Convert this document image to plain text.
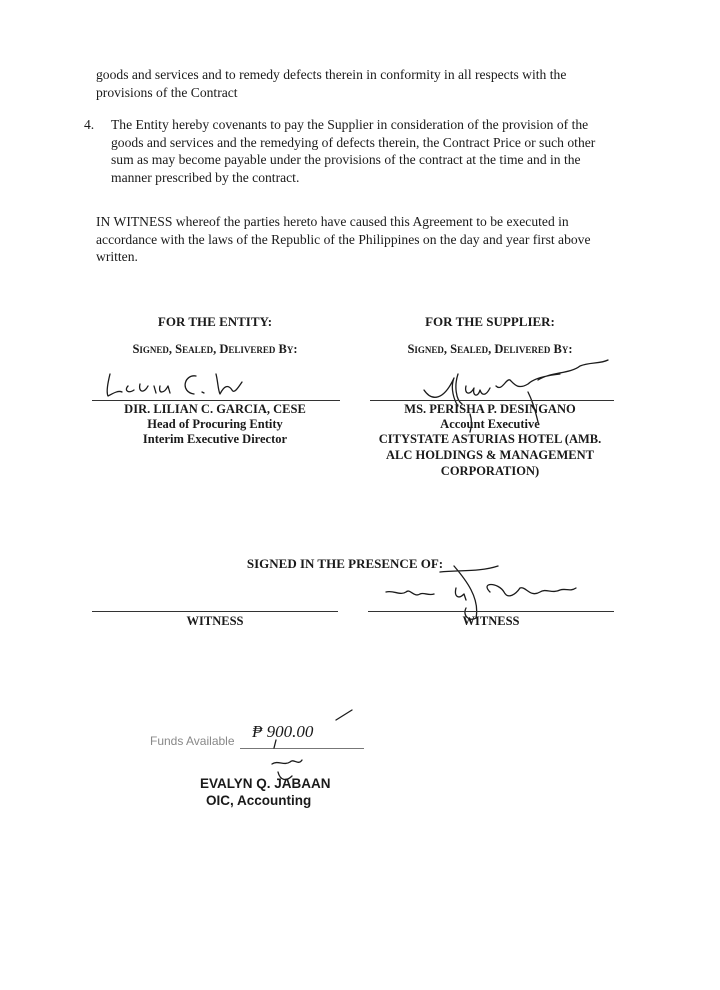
goods and services and to remedy defects therein in conformity in all respects with the provisions of the Contract
4.	The Entity hereby covenants to pay the Supplier in consideration of the provision of the goods and services and the remedying of defects therein, the Contract Price or such other sum as may become payable under the provisions of the contract at the time and in the manner prescribed by the contract.
IN WITNESS whereof the parties hereto have caused this Agreement to be executed in accordance with the laws of the Republic of the Philippines on the day and year first above written.
FOR THE ENTITY:
Signed, Sealed, Delivered By:
DIR. LILIAN C. GARCIA, CESE
Head of Procuring Entity
Interim Executive Director
FOR THE SUPPLIER:
Signed, Sealed, Delivered By:
MS. PERISHA P. DESINGANO
Account Executive
CITYSTATE ASTURIAS HOTEL (AMB.
ALC HOLDINGS & MANAGEMENT
CORPORATION)
SIGNED IN THE PRESENCE OF:
WITNESS	WITNESS
Funds Available ₱ 900.00
EVALYN Q. JABAAN
OIC, Accounting
